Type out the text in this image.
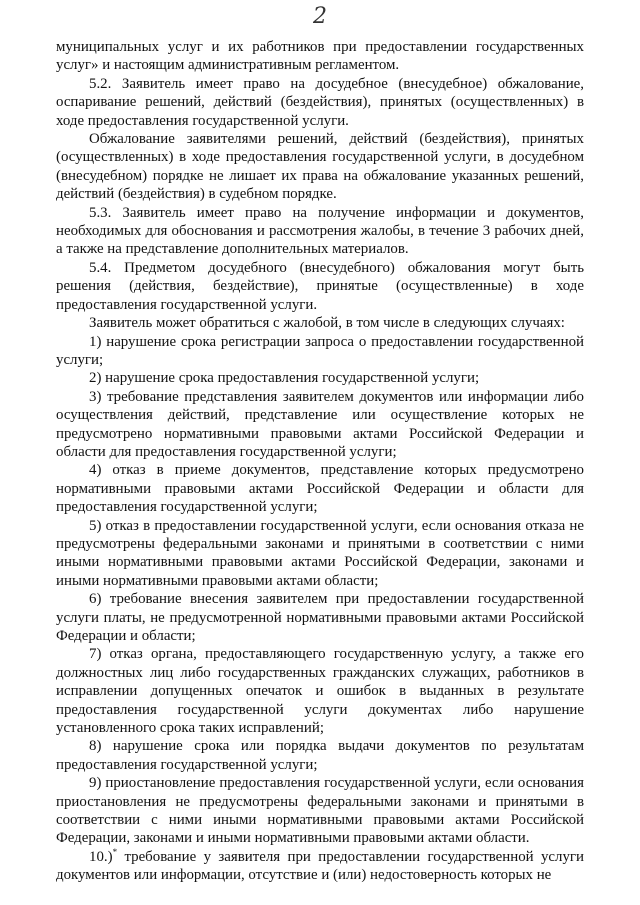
2

муниципальных услуг и их работников при предоставлении государственных услуг» и настоящим административным регламентом.

5.2. Заявитель имеет право на досудебное (внесудебное) обжалование, оспаривание решений, действий (бездействия), принятых (осуществленных) в ходе предоставления государственной услуги.

Обжалование заявителями решений, действий (бездействия), принятых (осуществленных) в ходе предоставления государственной услуги, в досудебном (внесудебном) порядке не лишает их права на обжалование указанных решений, действий (бездействия) в судебном порядке.

5.3. Заявитель имеет право на получение информации и документов, необходимых для обоснования и рассмотрения жалобы, в течение 3 рабочих дней, а также на представление дополнительных материалов.

5.4. Предметом досудебного (внесудебного) обжалования могут быть решения (действия, бездействие), принятые (осуществленные) в ходе предоставления государственной услуги.

Заявитель может обратиться с жалобой, в том числе в следующих случаях:

1) нарушение срока регистрации запроса о предоставлении государственной услуги;

2) нарушение срока предоставления государственной услуги;

3) требование представления заявителем документов или информации либо осуществления действий, представление или осуществление которых не предусмотрено нормативными правовыми актами Российской Федерации и области для предоставления государственной услуги;

4) отказ в приеме документов, представление которых предусмотрено нормативными правовыми актами Российской Федерации и области для предоставления государственной услуги;

5) отказ в предоставлении государственной услуги, если основания отказа не предусмотрены федеральными законами и принятыми в соответствии с ними иными нормативными правовыми актами Российской Федерации, законами и иными нормативными правовыми актами области;

6) требование внесения заявителем при предоставлении государственной услуги платы, не предусмотренной нормативными правовыми актами Российской Федерации и области;

7) отказ органа, предоставляющего государственную услугу, а также его должностных лиц либо государственных гражданских служащих, работников в исправлении допущенных опечаток и ошибок в выданных в результате предоставления государственной услуги документах либо нарушение установленного срока таких исправлений;

8) нарушение срока или порядка выдачи документов по результатам предоставления государственной услуги;

9) приостановление предоставления государственной услуги, если основания приостановления не предусмотрены федеральными законами и принятыми в соответствии с ними иными нормативными правовыми актами Российской Федерации, законами и иными нормативными правовыми актами области.

10.)* требование у заявителя при предоставлении государственной услуги документов или информации, отсутствие и (или) недостоверность которых не
